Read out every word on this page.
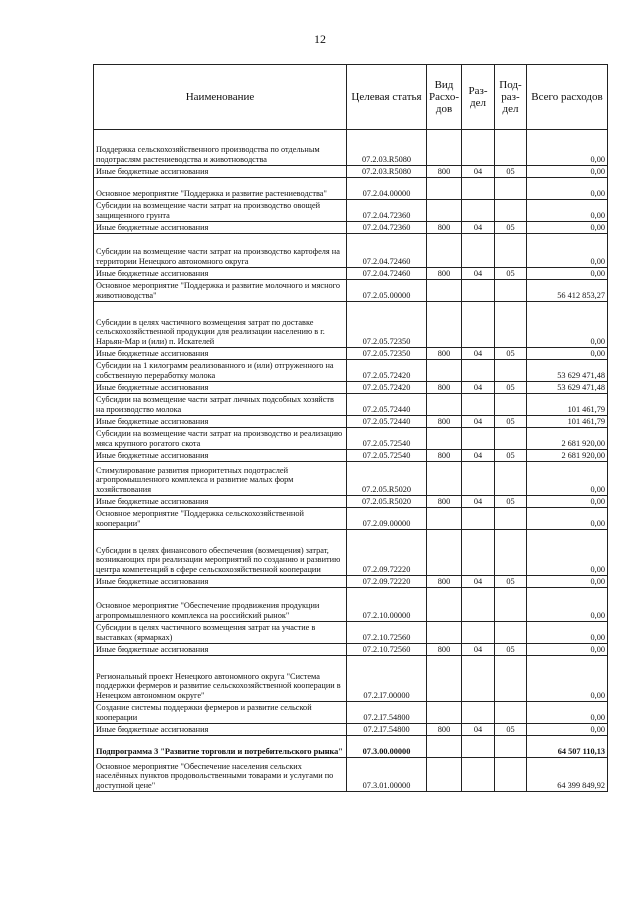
12
Наименование	Целевая статья	Вид Расхо-дов	Раз-дел	Под-раз-дел	Всего расходов
Поддержка сельскохозяйственного производства по отдельным подотраслям растениеводства и животноводства	07.2.03.R5080				0,00
Иные бюджетные ассигнования	07.2.03.R5080	800	04	05	0,00
Основное мероприятие "Поддержка и развитие растениеводства"	07.2.04.00000				0,00
Субсидии на возмещение части затрат на производство овощей защищенного грунта	07.2.04.72360				0,00
Иные бюджетные ассигнования	07.2.04.72360	800	04	05	0,00
Субсидии на возмещение части затрат на производство картофеля на территории Ненецкого автономного округа	07.2.04.72460				0,00
Иные бюджетные ассигнования	07.2.04.72460	800	04	05	0,00
Основное мероприятие "Поддержка и развитие молочного и мясного животноводства"	07.2.05.00000				56 412 853,27
Субсидии в целях частичного возмещения затрат по доставке сельскохозяйственной продукции для реализации населению в г. Нарьян-Мар и (или) п. Искателей	07.2.05.72350				0,00
Иные бюджетные ассигнования	07.2.05.72350	800	04	05	0,00
Субсидии на 1 килограмм реализованного и (или) отгруженного на собственную переработку молока	07.2.05.72420				53 629 471,48
Иные бюджетные ассигнования	07.2.05.72420	800	04	05	53 629 471,48
Субсидии на возмещение части затрат личных подсобных хозяйств на производство молока	07.2.05.72440				101 461,79
Иные бюджетные ассигнования	07.2.05.72440	800	04	05	101 461,79
Субсидии на возмещение части затрат на производство и реализацию мяса крупного рогатого скота	07.2.05.72540				2 681 920,00
Иные бюджетные ассигнования	07.2.05.72540	800	04	05	2 681 920,00
Стимулирование развития приоритетных подотраслей агропромышленного комплекса и развитие малых форм хозяйствования	07.2.05.R5020				0,00
Иные бюджетные ассигнования	07.2.05.R5020	800	04	05	0,00
Основное мероприятие "Поддержка сельскохозяйственной кооперации"	07.2.09.00000				0,00
Субсидии в целях финансового обеспечения (возмещения) затрат, возникающих при реализации мероприятий по созданию и развитию центра компетенций в сфере сельскохозяйственной кооперации	07.2.09.72220				0,00
Иные бюджетные ассигнования	07.2.09.72220	800	04	05	0,00
Основное мероприятие "Обеспечение продвижения продукции агропромышленного комплекса на российский рынок"	07.2.10.00000				0,00
Субсидии в целях частичного возмещения затрат на участие в выставках (ярмарках)	07.2.10.72560				0,00
Иные бюджетные ассигнования	07.2.10.72560	800	04	05	0,00
Региональный проект Ненецкого автономного округа "Система поддержки фермеров и развитие сельскохозяйственной кооперации в Ненецком автономном округе"	07.2.I7.00000				0,00
Создание системы поддержки фермеров и развитие сельской кооперации	07.2.I7.54800				0,00
Иные бюджетные ассигнования	07.2.I7.54800	800	04	05	0,00
Подпрограмма 3 "Развитие торговли и потребительского рынка"	07.3.00.00000				64 507 110,13
Основное мероприятие "Обеспечение населения сельских населённых пунктов продовольственными товарами и услугами по доступной цене"	07.3.01.00000				64 399 849,92
